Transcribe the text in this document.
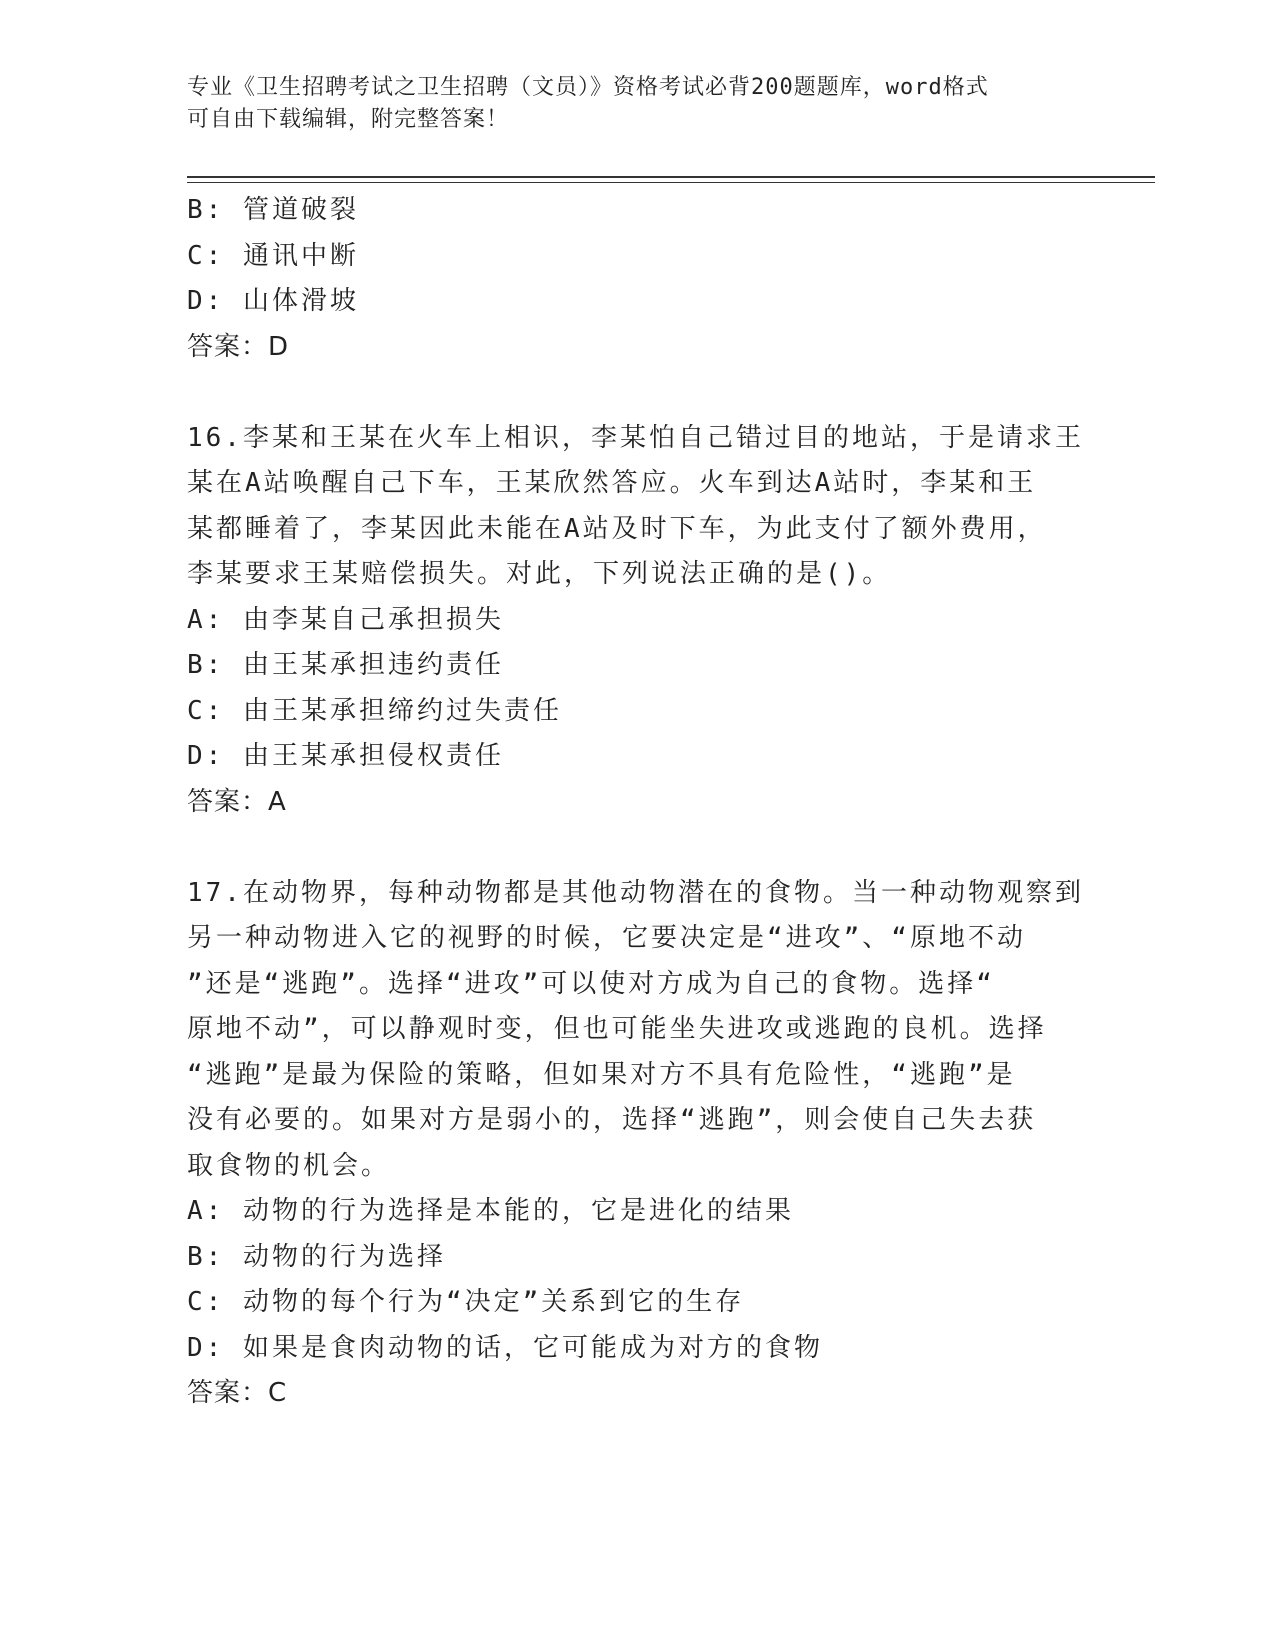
专业《卫生招聘考试之卫生招聘（文员）》资格考试必背200题题库，word格式
可自由下载编辑，附完整答案！
B: 管道破裂
C: 通讯中断
D: 山体滑坡
答案：D
16.李某和王某在火车上相识，李某怕自己错过目的地站，于是请求王
某在A站唤醒自己下车，王某欣然答应。火车到达A站时，李某和王
某都睡着了，李某因此未能在A站及时下车，为此支付了额外费用，
李某要求王某赔偿损失。对此，下列说法正确的是()。
A: 由李某自己承担损失
B: 由王某承担违约责任
C: 由王某承担缔约过失责任
D: 由王某承担侵权责任
答案：A
17.在动物界，每种动物都是其他动物潜在的食物。当一种动物观察到
另一种动物进入它的视野的时候，它要决定是“进攻”、“原地不动
”还是“逃跑”。选择“进攻”可以使对方成为自己的食物。选择“
原地不动”，可以静观时变，但也可能坐失进攻或逃跑的良机。选择
“逃跑”是最为保险的策略，但如果对方不具有危险性，“逃跑”是
没有必要的。如果对方是弱小的，选择“逃跑”，则会使自己失去获
取食物的机会。
A: 动物的行为选择是本能的，它是进化的结果
B: 动物的行为选择
C: 动物的每个行为“决定”关系到它的生存
D: 如果是食肉动物的话，它可能成为对方的食物
答案：C
